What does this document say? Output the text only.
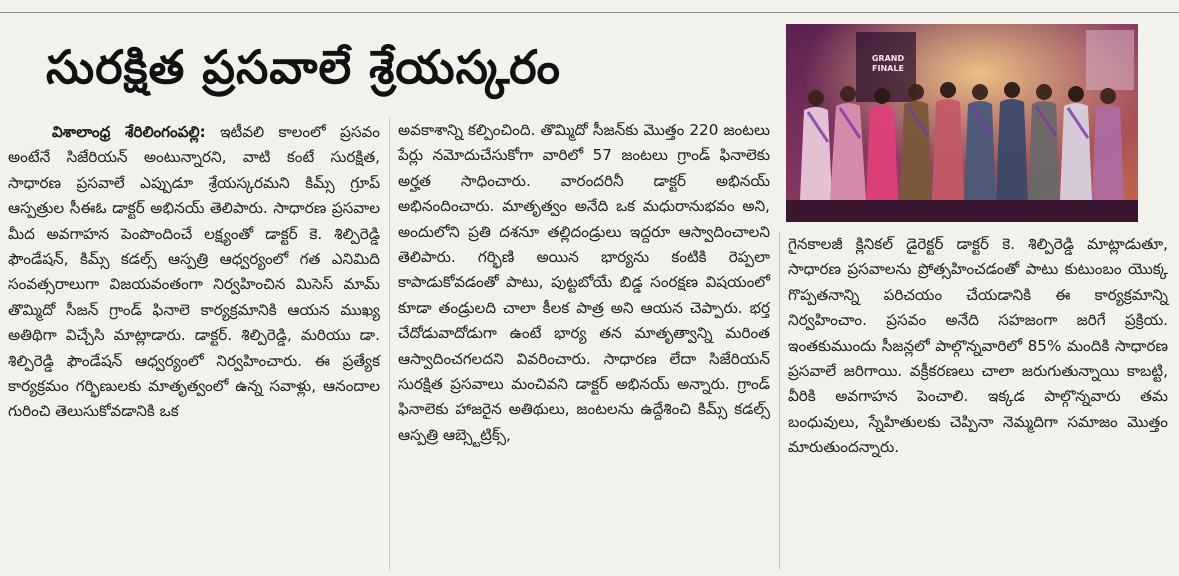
సురక్షిత ప్రసవాలే శ్రేయస్కరం	GRAND FINALE

విశాలాంధ్ర శేరిలింగంపల్లి: ఇటీవలి కాలంలో ప్రసవం అంటేనే సిజేరియన్ అంటున్నారని, వాటి కంటే సురక్షిత, సాధారణ ప్రసవాలే ఎప్పుడూ శ్రేయస్కరమని కిమ్స్ గ్రూప్ ఆస్పత్రుల సీఈఓ డాక్టర్ అభినయ్ తెలిపారు. సాధారణ ప్రసవాల మీద అవగాహన పెంపొందించే లక్ష్యంతో డాక్టర్ కె. శిల్పిరెడ్డి ఫౌండేషన్, కిమ్స్ కడల్స్ ఆస్పత్రి ఆధ్వర్యంలో గత ఎనిమిది సంవత్సరాలుగా విజయవంతంగా నిర్వహించిన మిసెస్ మామ్ తొమ్మిదో సీజన్ గ్రాండ్ ఫినాలె కార్యక్రమానికి ఆయన ముఖ్య అతిథిగా విచ్చేసి మాట్లాడారు. డాక్టర్. శిల్పిరెడ్డి, మరియు డా. శిల్పిరెడ్డి ఫౌండేషన్ ఆధ్వర్యంలో నిర్వహించారు. ఈ ప్రత్యేక కార్యక్రమం గర్భిణులకు మాతృత్వంలో ఉన్న సవాళ్లు, ఆనందాల గురించి తెలుసుకోవడానికి ఒక

అవకాశాన్ని కల్పించింది. తొమ్మిదో సీజన్‌కు మొత్తం 220 జంటలు పేర్లు నమోదుచేసుకోగా వారిలో 57 జంటలు గ్రాండ్ ఫినాలెకు అర్హత సాధించారు. వారందరినీ డాక్టర్ అభినయ్ అభినందించారు. మాతృత్వం అనేది ఒక మధురానుభవం అని, అందులోని ప్రతి దశనూ తల్లిదండ్రులు ఇద్దరూ ఆస్వాదించాలని తెలిపారు. గర్భిణి అయిన భార్యను కంటికి రెప్పలా కాపాడుకోవడంతో పాటు, పుట్టబోయే బిడ్డ సంరక్షణ విషయంలో కూడా తండ్రులది చాలా కీలక పాత్ర అని ఆయన చెప్పారు. భర్త చేదోడువాదోడుగా ఉంటే భార్య తన మాతృత్వాన్ని మరింత ఆస్వాదించగలదని వివరించారు. సాధారణ లేదా సిజేరియన్ సురక్షిత ప్రసవాలు మంచివని డాక్టర్ అభినయ్ అన్నారు. గ్రాండ్ ఫినాలెకు హాజరైన అతిథులు, జంటలను ఉద్దేశించి కిమ్స్ కడల్స్ ఆస్పత్రి ఆబ్స్టెట్రిక్స్,

గైనకాలజీ క్లినికల్ డైరెక్టర్ డాక్టర్ కె. శిల్పిరెడ్డి మాట్లాడుతూ, సాధారణ ప్రసవాలను ప్రోత్సహించడంతో పాటు కుటుంబం యొక్క గొప్పతనాన్ని పరిచయం చేయడానికి ఈ కార్యక్రమాన్ని నిర్వహించాం. ప్రసవం అనేది సహజంగా జరిగే ప్రక్రియ. ఇంతకుముందు సీజన్లలో పాల్గొన్నవారిలో 85% మందికి సాధారణ ప్రసవాలే జరిగాయి. వక్రీకరణలు చాలా జరుగుతున్నాయి కాబట్టి, వీరికి అవగాహన పెంచాలి. ఇక్కడ పాల్గొన్నవారు తమ బంధువులు, స్నేహితులకు చెప్పినా నెమ్మదిగా సమాజం మొత్తం మారుతుందన్నారు.
